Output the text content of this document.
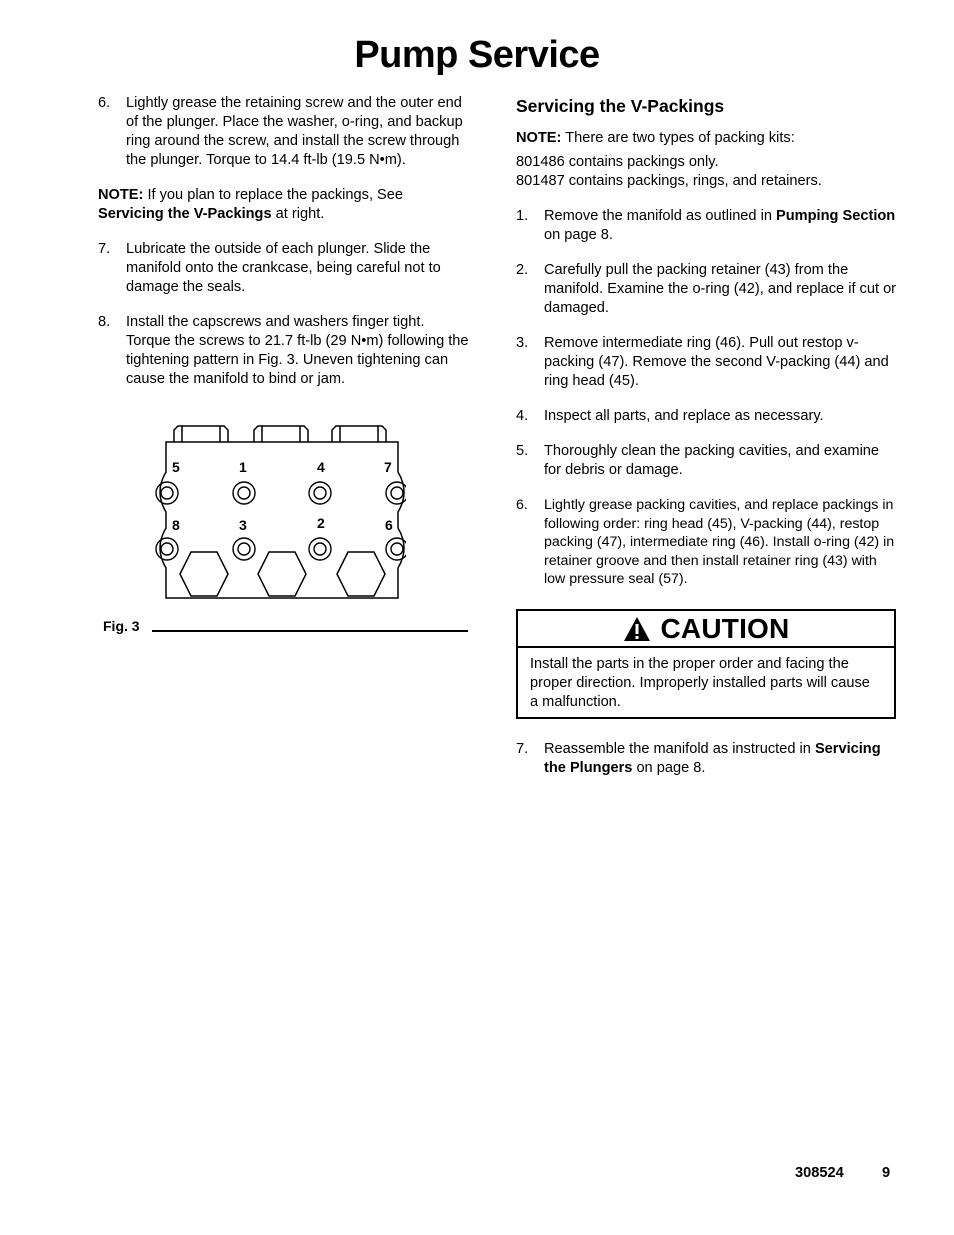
Pump Service
6. Lightly grease the retaining screw and the outer end of the plunger. Place the washer, o-ring, and backup ring around the screw, and install the screw through the plunger. Torque to 14.4 ft-lb (19.5 N•m).

NOTE: If you plan to replace the packings, See Servicing the V-Packings at right.

7. Lubricate the outside of each plunger. Slide the manifold onto the crankcase, being careful not to damage the seals.
8. Install the capscrews and washers finger tight. Torque the screws to 21.7 ft-lb (29 N•m) following the tightening pattern in Fig. 3. Uneven tightening can cause the manifold to bind or jam.
5	1	4	7
8	3	2	6
Fig. 3
Servicing the V-Packings

NOTE: There are two types of packing kits:

801486 contains packings only.

801487 contains packings, rings, and retainers.

1. Remove the manifold as outlined in Pumping Section on page 8.
2. Carefully pull the packing retainer (43) from the manifold. Examine the o-ring (42), and replace if cut or damaged.
3. Remove intermediate ring (46). Pull out restop v-packing (47). Remove the second V-packing (44) and ring head (45).
4. Inspect all parts, and replace as necessary.
5. Thoroughly clean the packing cavities, and examine for debris or damage.
6. Lightly grease packing cavities, and replace packings in following order: ring head (45), V-packing (44), restop packing (47), intermediate ring (46). Install o-ring (42) in retainer groove and then install retainer ring (43) with low pressure seal (57).
CAUTION
Install the parts in the proper order and facing the proper direction. Improperly installed parts will cause a malfunction.
7. Reassemble the manifold as instructed in Servicing the Plungers on page 8.
308524	9
